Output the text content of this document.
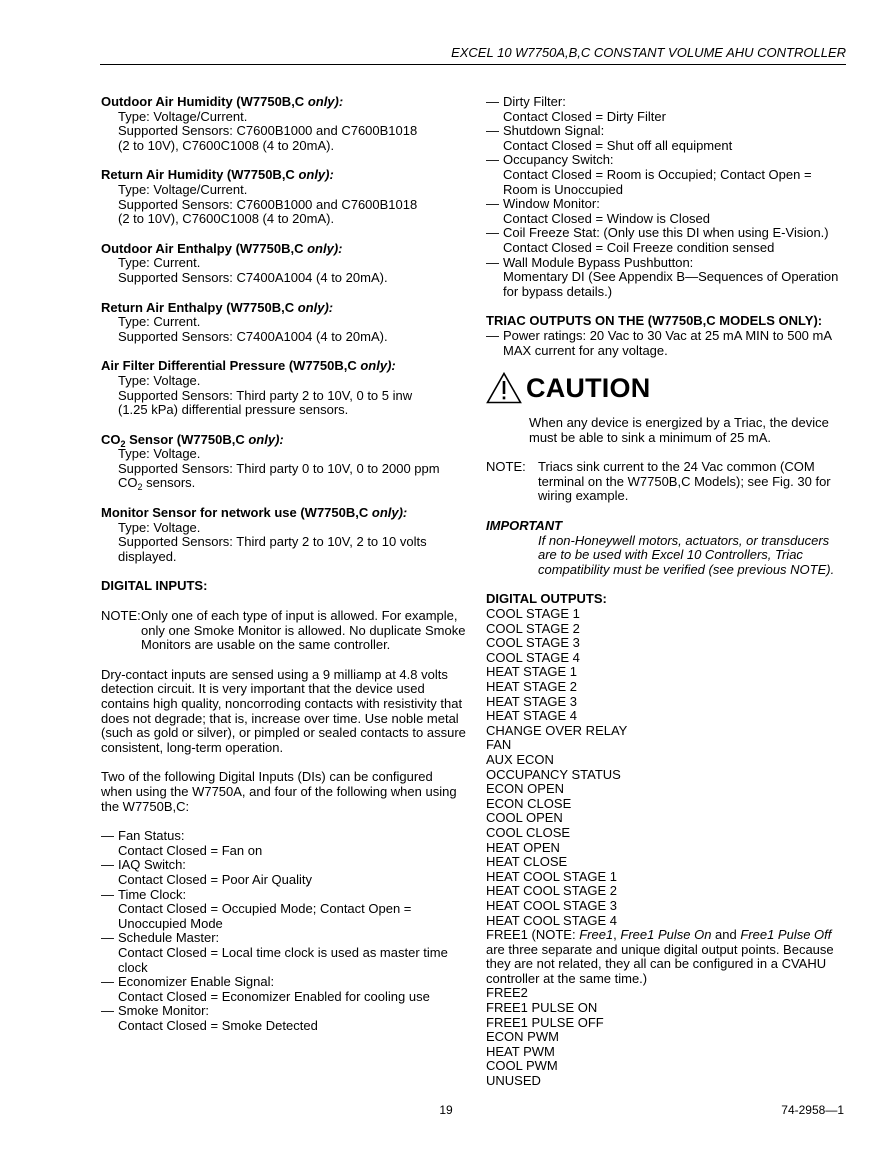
EXCEL 10 W7750A,B,C CONSTANT VOLUME AHU CONTROLLER
Outdoor Air Humidity (W7750B,C only):
Type: Voltage/Current.
Supported Sensors: C7600B1000 and C7600B1018
(2 to 10V), C7600C1008 (4 to 20mA).
Return Air Humidity (W7750B,C only):
Type: Voltage/Current.
Supported Sensors: C7600B1000 and C7600B1018
(2 to 10V), C7600C1008 (4 to 20mA).
Outdoor Air Enthalpy (W7750B,C only):
Type: Current.
Supported Sensors: C7400A1004 (4 to 20mA).
Return Air Enthalpy (W7750B,C only):
Type: Current.
Supported Sensors: C7400A1004 (4 to 20mA).
Air Filter Differential Pressure (W7750B,C only):
Type: Voltage.
Supported Sensors: Third party 2 to 10V, 0 to 5 inw
(1.25 kPa) differential pressure sensors.
$CO_2$ Sensor (W7750B,C only):
Type: Voltage.
Supported Sensors: Third party 0 to 10V, 0 to 2000 ppm
$CO_2$ sensors.
Monitor Sensor for network use (W7750B,C only):
Type: Voltage.
Supported Sensors: Third party 2 to 10V, 2 to 10 volts
displayed.
DIGITAL INPUTS:
NOTE: Only one of each type of input is allowed. For example, only one Smoke Monitor is allowed. No duplicate Smoke Monitors are usable on the same controller.
Dry-contact inputs are sensed using a 9 milliamp at 4.8 volts detection circuit. It is very important that the device used contains high quality, noncorroding contacts with resistivity that does not degrade; that is, increase over time. Use noble metal (such as gold or silver), or pimpled or sealed contacts to assure consistent, long-term operation.
Two of the following Digital Inputs (DIs) can be configured when using the W7750A, and four of the following when using the W7750B,C:
— Fan Status:
Contact Closed = Fan on
— IAQ Switch:
Contact Closed = Poor Air Quality
— Time Clock:
Contact Closed = Occupied Mode; Contact Open = Unoccupied Mode
— Schedule Master:
Contact Closed = Local time clock is used as master time clock
— Economizer Enable Signal:
Contact Closed = Economizer Enabled for cooling use
— Smoke Monitor:
Contact Closed = Smoke Detected
— Dirty Filter:
Contact Closed = Dirty Filter
— Shutdown Signal:
Contact Closed = Shut off all equipment
— Occupancy Switch:
Contact Closed = Room is Occupied; Contact Open = Room is Unoccupied
— Window Monitor:
Contact Closed = Window is Closed
— Coil Freeze Stat: (Only use this DI when using E-Vision.)
Contact Closed = Coil Freeze condition sensed
— Wall Module Bypass Pushbutton:
Momentary DI (See Appendix B—Sequences of Operation for bypass details.)
TRIAC OUTPUTS ON THE (W7750B,C MODELS ONLY):
— Power ratings: 20 Vac to 30 Vac at 25 mA MIN to 500 mA MAX current for any voltage.
CAUTION
When any device is energized by a Triac, the device must be able to sink a minimum of 25 mA.
NOTE: Triacs sink current to the 24 Vac common (COM terminal on the W7750B,C Models); see Fig. 30 for wiring example.
IMPORTANT
If non-Honeywell motors, actuators, or transducers are to be used with Excel 10 Controllers, Triac compatibility must be verified (see previous NOTE).
DIGITAL OUTPUTS:
COOL STAGE 1
COOL STAGE 2
COOL STAGE 3
COOL STAGE 4
HEAT STAGE 1
HEAT STAGE 2
HEAT STAGE 3
HEAT STAGE 4
CHANGE OVER RELAY
FAN
AUX ECON
OCCUPANCY STATUS
ECON OPEN
ECON CLOSE
COOL OPEN
COOL CLOSE
HEAT OPEN
HEAT CLOSE
HEAT COOL STAGE 1
HEAT COOL STAGE 2
HEAT COOL STAGE 3
HEAT COOL STAGE 4
FREE1 (NOTE: Free1, Free1 Pulse On and Free1 Pulse Off are three separate and unique digital output points. Because they are not related, they all can be configured in a CVAHU controller at the same time.)
FREE2
FREE1 PULSE ON
FREE1 PULSE OFF
ECON PWM
HEAT PWM
COOL PWM
UNUSED
19	74-2958—1
